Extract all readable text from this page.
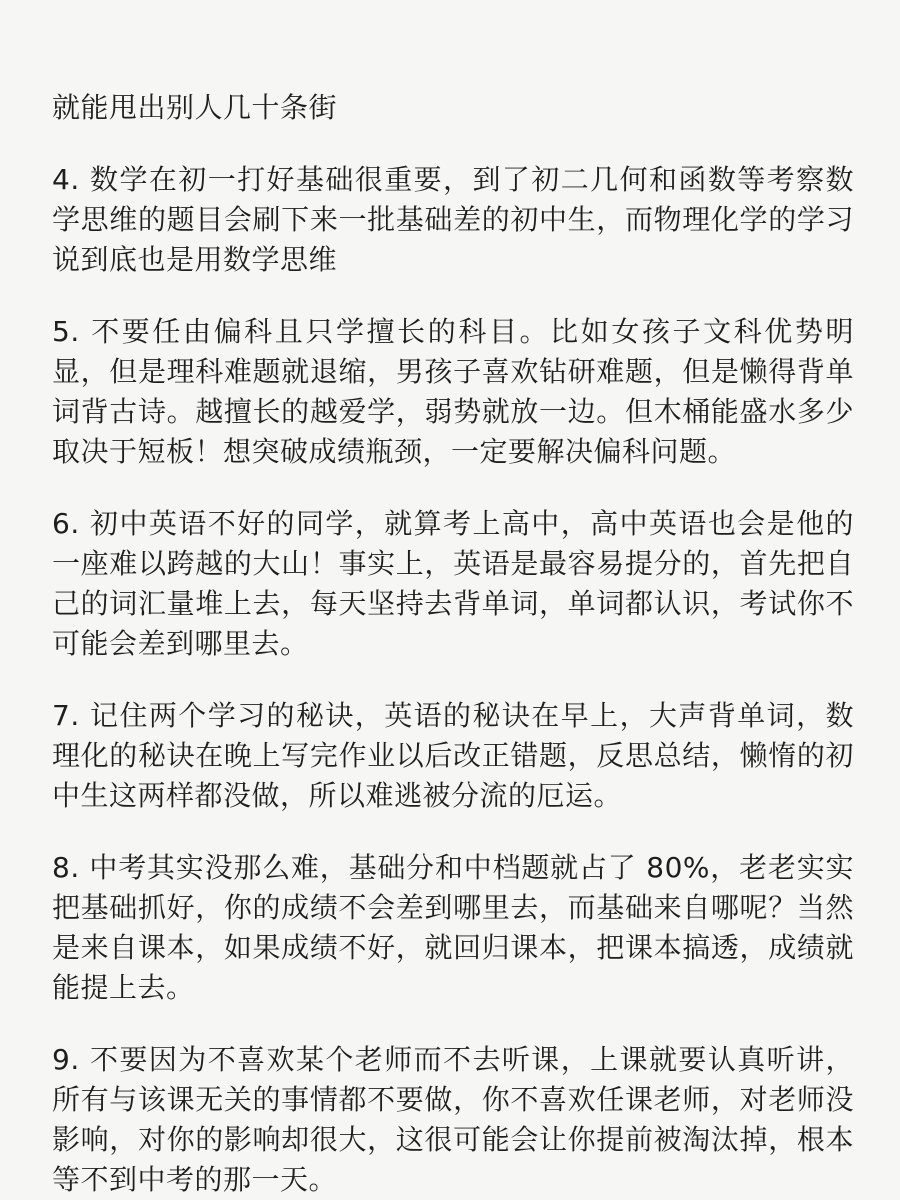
就能甩出别人几十条街

4. 数学在初一打好基础很重要，到了初二几何和函数等考察数学思维的题目会刷下来一批基础差的初中生，而物理化学的学习说到底也是用数学思维

5. 不要任由偏科且只学擅长的科目。比如女孩子文科优势明显，但是理科难题就退缩，男孩子喜欢钻研难题，但是懒得背单词背古诗。越擅长的越爱学，弱势就放一边。但木桶能盛水多少取决于短板！想突破成绩瓶颈，一定要解决偏科问题。

6. 初中英语不好的同学，就算考上高中，高中英语也会是他的一座难以跨越的大山！事实上，英语是最容易提分的，首先把自己的词汇量堆上去，每天坚持去背单词，单词都认识，考试你不可能会差到哪里去。

7. 记住两个学习的秘诀，英语的秘诀在早上，大声背单词，数理化的秘诀在晚上写完作业以后改正错题，反思总结，懒惰的初中生这两样都没做，所以难逃被分流的厄运。

8. 中考其实没那么难，基础分和中档题就占了 80%，老老实实把基础抓好，你的成绩不会差到哪里去，而基础来自哪呢？当然是来自课本，如果成绩不好，就回归课本，把课本搞透，成绩就能提上去。

9. 不要因为不喜欢某个老师而不去听课，上课就要认真听讲，所有与该课无关的事情都不要做，你不喜欢任课老师，对老师没影响，对你的影响却很大，这很可能会让你提前被淘汰掉，根本等不到中考的那一天。
